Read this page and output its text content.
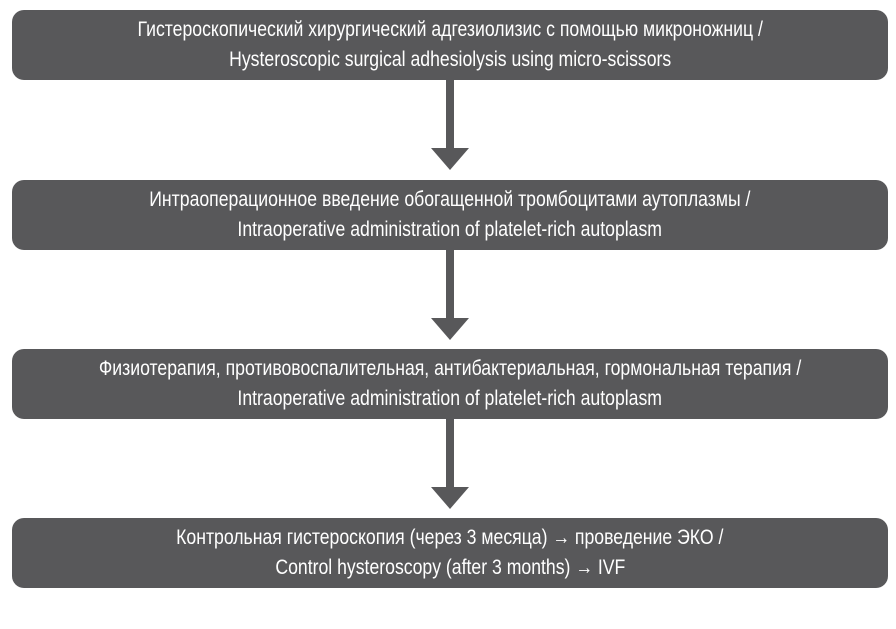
Гистероскопический хирургический адгезиолизис с помощью микроножниц /
Hysteroscopic surgical adhesiolysis using micro-scissors
Интраоперационное введение обогащенной тромбоцитами аутоплазмы /
Intraoperative administration of platelet-rich autoplasm
Физиотерапия, противовоспалительная, антибактериальная, гормональная терапия /
Intraoperative administration of platelet-rich autoplasm
Контрольная гистероскопия (через 3 месяца) → проведение ЭКО /
Control hysteroscopy (after 3 months) → IVF
